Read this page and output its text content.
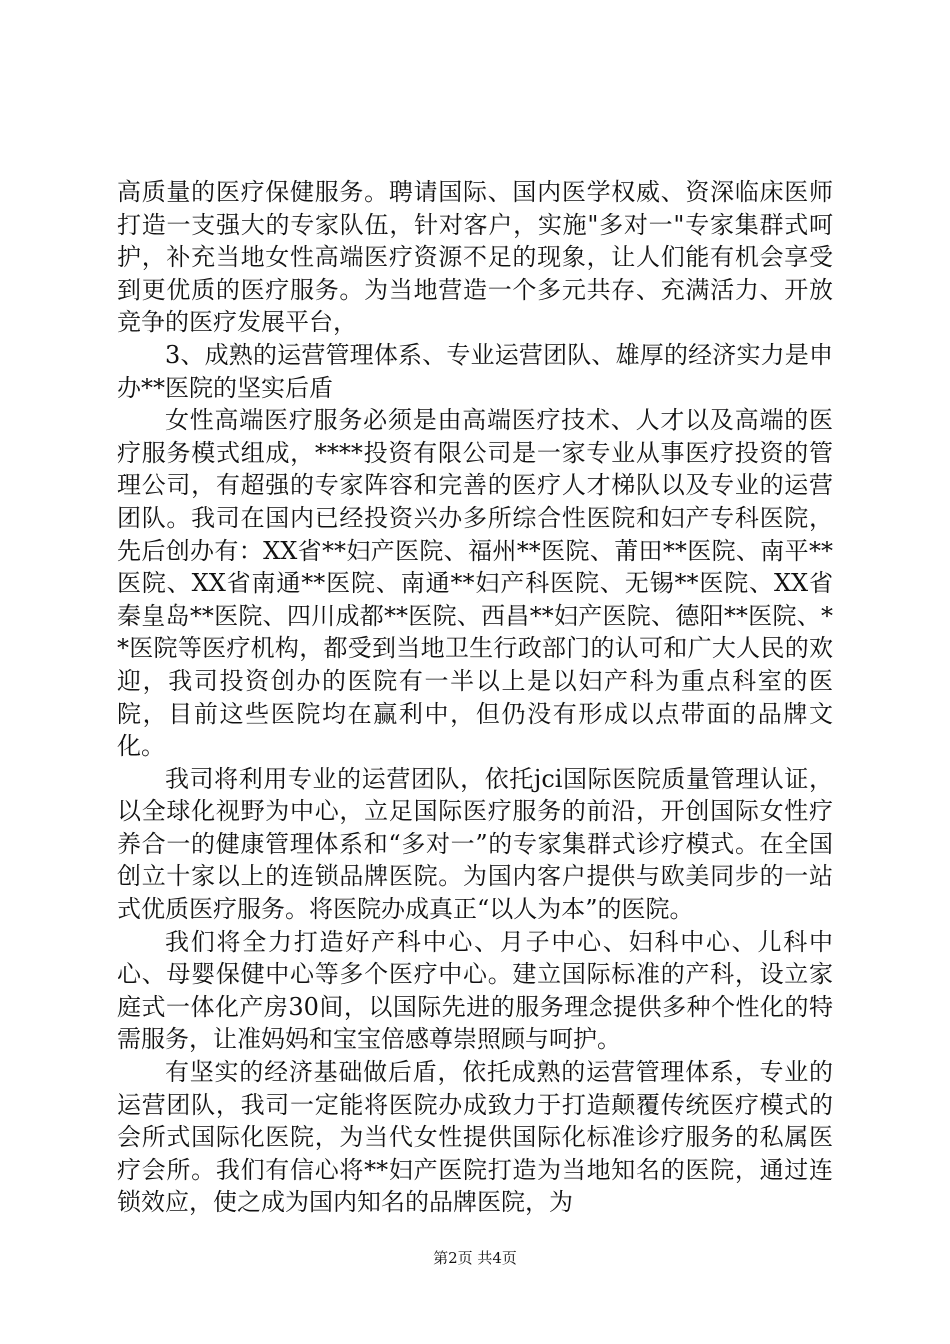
高质量的医疗保健服务。聘请国际、国内医学权威、资深临床医师打造一支强大的专家队伍，针对客户，实施"多对一"专家集群式呵护，补充当地女性高端医疗资源不足的现象，让人们能有机会享受到更优质的医疗服务。为当地营造一个多元共存、充满活力、开放竞争的医疗发展平台，

3、成熟的运营管理体系、专业运营团队、雄厚的经济实力是申办**医院的坚实后盾

女性高端医疗服务必须是由高端医疗技术、人才以及高端的医疗服务模式组成，****投资有限公司是一家专业从事医疗投资的管理公司，有超强的专家阵容和完善的医疗人才梯队以及专业的运营团队。我司在国内已经投资兴办多所综合性医院和妇产专科医院，先后创办有：XX省**妇产医院、福州**医院、莆田**医院、南平**医院、XX省南通**医院、南通**妇产科医院、无锡**医院、XX省秦皇岛**医院、四川成都**医院、西昌**妇产医院、德阳**医院、**医院等医疗机构，都受到当地卫生行政部门的认可和广大人民的欢迎，我司投资创办的医院有一半以上是以妇产科为重点科室的医院，目前这些医院均在赢利中，但仍没有形成以点带面的品牌文化。

我司将利用专业的运营团队，依托jci国际医院质量管理认证，以全球化视野为中心，立足国际医疗服务的前沿，开创国际女性疗养合一的健康管理体系和“多对一”的专家集群式诊疗模式。在全国创立十家以上的连锁品牌医院。为国内客户提供与欧美同步的一站式优质医疗服务。将医院办成真正“以人为本”的医院。

我们将全力打造好产科中心、月子中心、妇科中心、儿科中心、母婴保健中心等多个医疗中心。建立国际标准的产科，设立家庭式一体化产房30间，以国际先进的服务理念提供多种个性化的特需服务，让准妈妈和宝宝倍感尊崇照顾与呵护。

有坚实的经济基础做后盾，依托成熟的运营管理体系，专业的运营团队，我司一定能将医院办成致力于打造颠覆传统医疗模式的会所式国际化医院，为当代女性提供国际化标准诊疗服务的私属医疗会所。我们有信心将**妇产医院打造为当地知名的医院，通过连锁效应，使之成为国内知名的品牌医院，为

第2页 共4页
